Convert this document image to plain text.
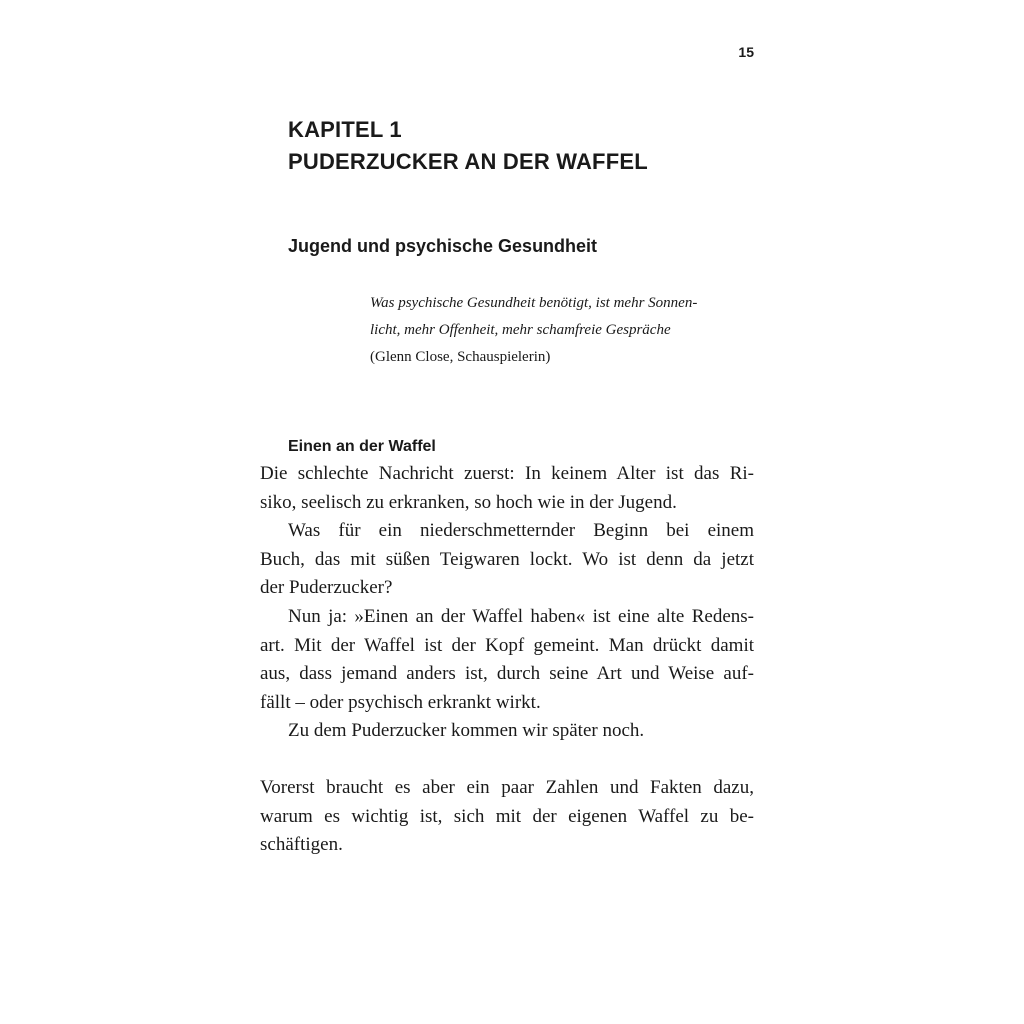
15
KAPITEL 1
PUDERZUCKER AN DER WAFFEL
Jugend und psychische Gesundheit
Was psychische Gesundheit benötigt, ist mehr Sonnen-
licht, mehr Offenheit, mehr schamfreie Gespräche
(Glenn Close, Schauspielerin)
Einen an der Waffel
Die schlechte Nachricht zuerst: In keinem Alter ist das Ri-
siko, seelisch zu erkranken, so hoch wie in der Jugend.
Was für ein niederschmetternder Beginn bei einem
Buch, das mit süßen Teigwaren lockt. Wo ist denn da jetzt
der Puderzucker?
Nun ja: »Einen an der Waffel haben« ist eine alte Redens-
art. Mit der Waffel ist der Kopf gemeint. Man drückt damit
aus, dass jemand anders ist, durch seine Art und Weise auf-
fällt – oder psychisch erkrankt wirkt.
Zu dem Puderzucker kommen wir später noch.
Vorerst braucht es aber ein paar Zahlen und Fakten dazu,
warum es wichtig ist, sich mit der eigenen Waffel zu be-
schäftigen.
